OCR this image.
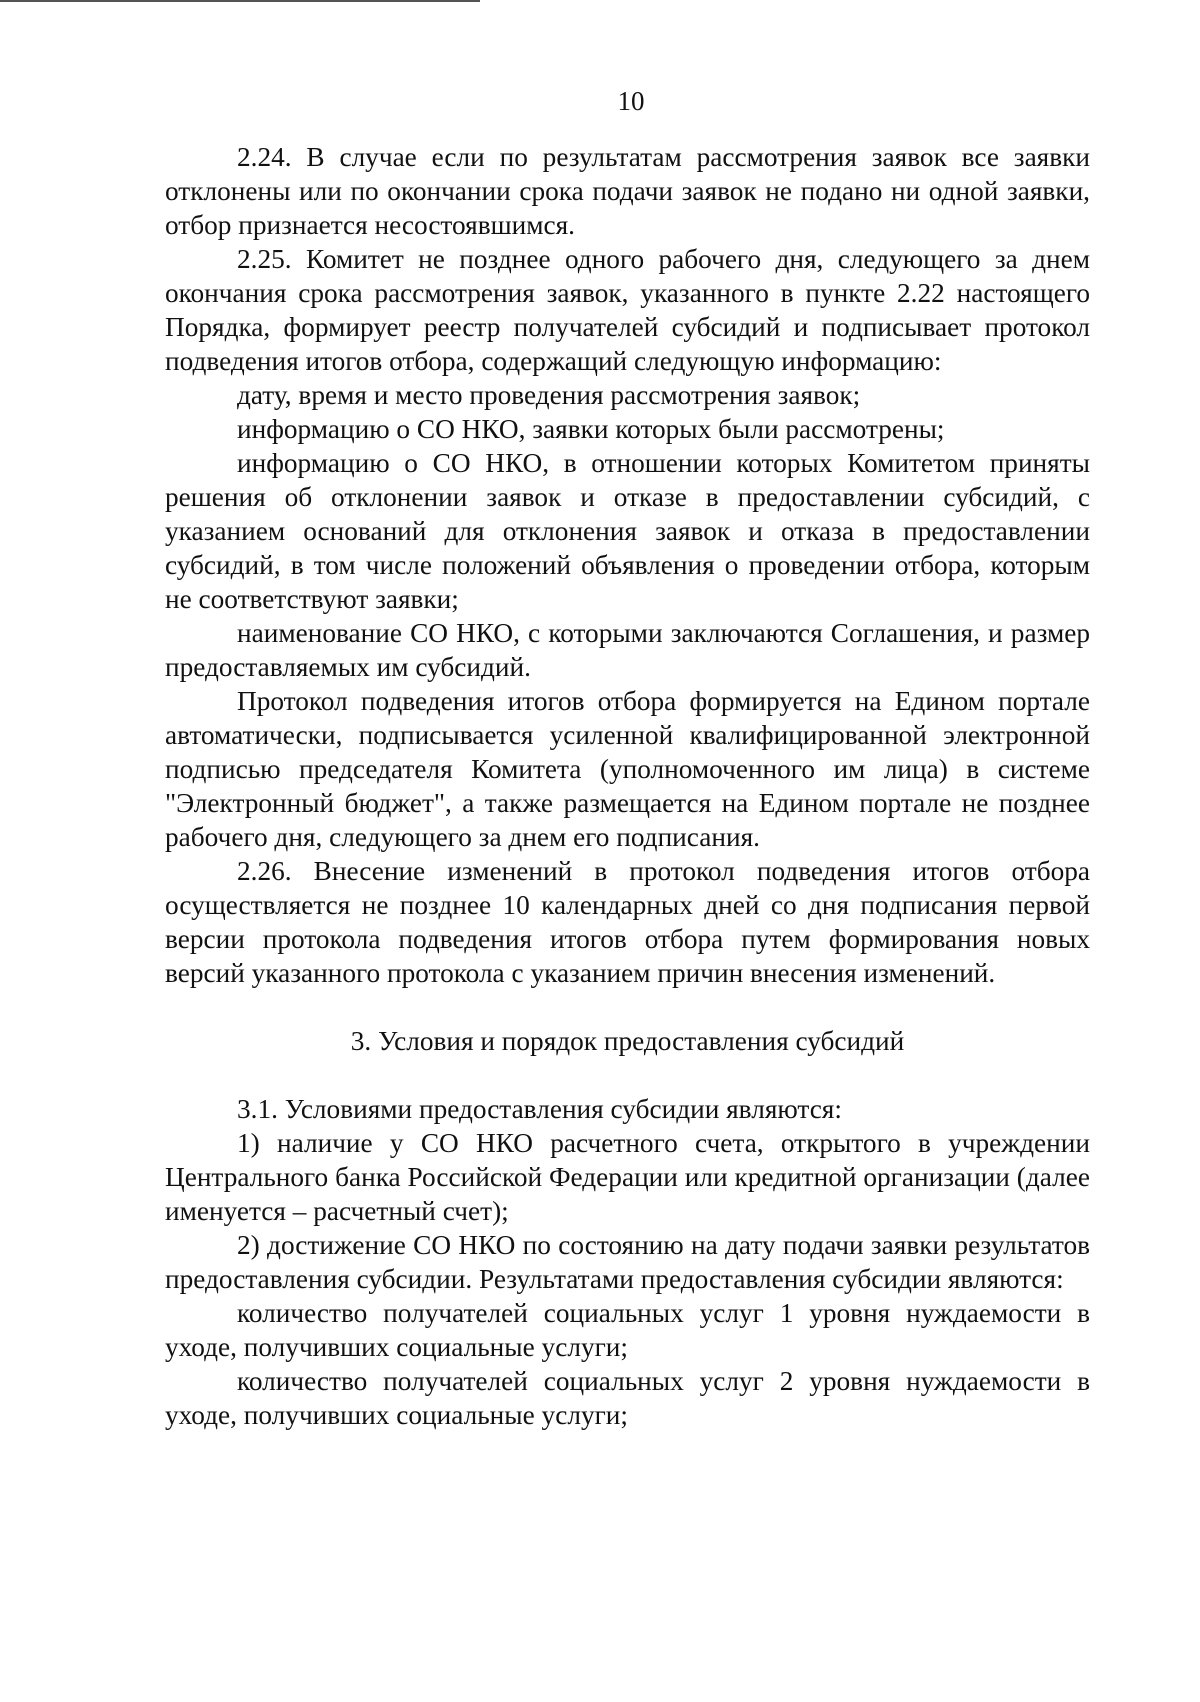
10

2.24. В случае если по результатам рассмотрения заявок все заявки отклонены или по окончании срока подачи заявок не подано ни одной заявки, отбор признается несостоявшимся.

2.25. Комитет не позднее одного рабочего дня, следующего за днем окончания срока рассмотрения заявок, указанного в пункте 2.22 настоящего Порядка, формирует реестр получателей субсидий и подписывает протокол подведения итогов отбора, содержащий следующую информацию:

дату, время и место проведения рассмотрения заявок;

информацию о СО НКО, заявки которых были рассмотрены;

информацию о СО НКО, в отношении которых Комитетом приняты решения об отклонении заявок и отказе в предоставлении субсидий, с указанием оснований для отклонения заявок и отказа в предоставлении субсидий, в том числе положений объявления о проведении отбора, которым не соответствуют заявки;

наименование СО НКО, с которыми заключаются Соглашения, и размер предоставляемых им субсидий.

Протокол подведения итогов отбора формируется на Едином портале автоматически, подписывается усиленной квалифицированной электронной подписью председателя Комитета (уполномоченного им лица) в системе "Электронный бюджет", а также размещается на Едином портале не позднее рабочего дня, следующего за днем его подписания.

2.26. Внесение изменений в протокол подведения итогов отбора осуществляется не позднее 10 календарных дней со дня подписания первой версии протокола подведения итогов отбора путем формирования новых версий указанного протокола с указанием причин внесения изменений.

3. Условия и порядок предоставления субсидий

3.1. Условиями предоставления субсидии являются:

1) наличие у СО НКО расчетного счета, открытого в учреждении Центрального банка Российской Федерации или кредитной организации (далее именуется – расчетный счет);

2) достижение СО НКО по состоянию на дату подачи заявки результатов предоставления субсидии. Результатами предоставления субсидии являются:

количество получателей социальных услуг 1 уровня нуждаемости в уходе, получивших социальные услуги;

количество получателей социальных услуг 2 уровня нуждаемости в уходе, получивших социальные услуги;
